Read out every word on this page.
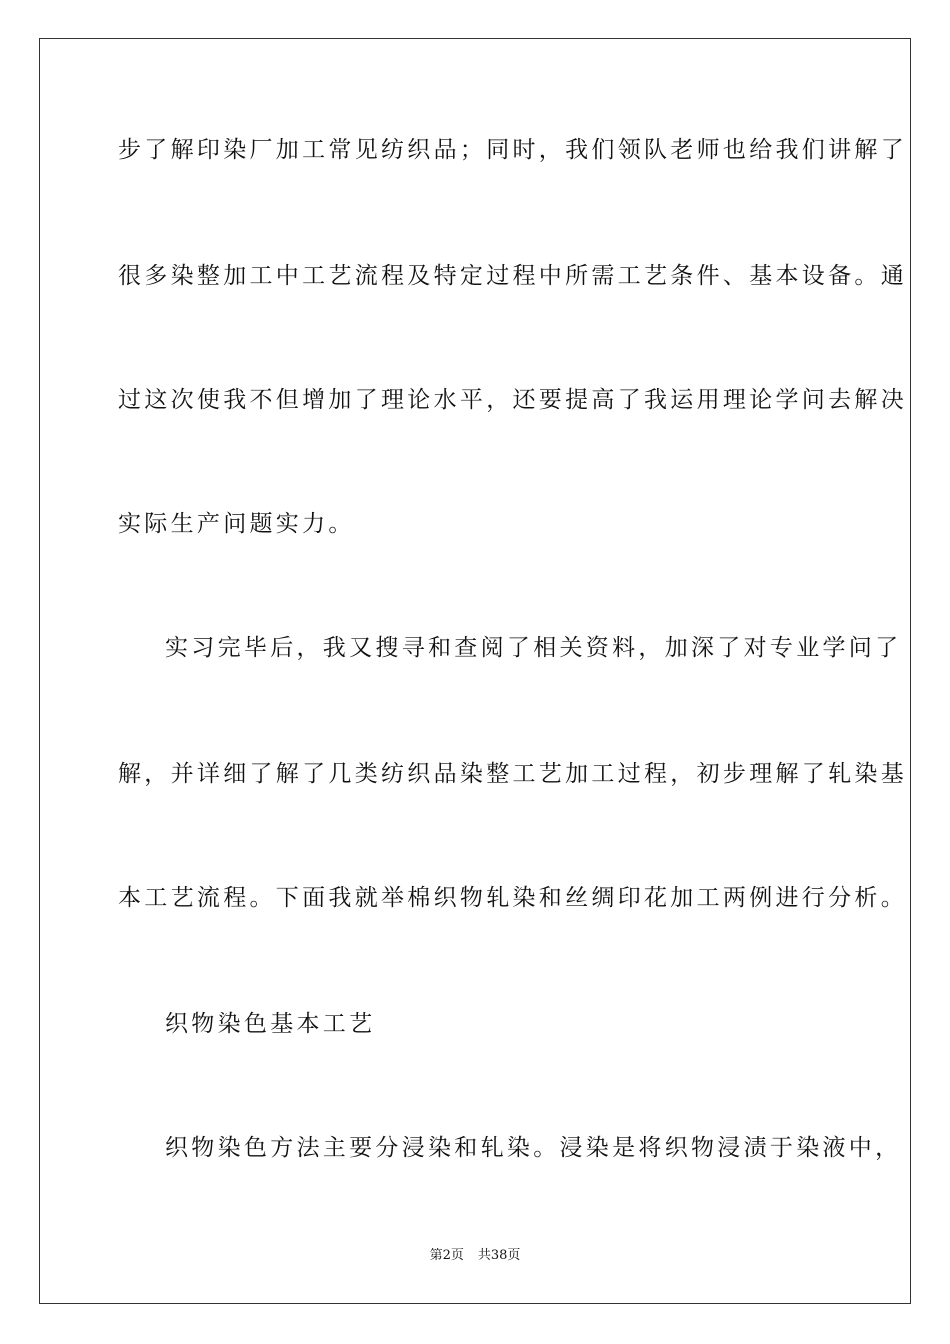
步了解印染厂加工常见纺织品；同时，我们领队老师也给我们讲解了
很多染整加工中工艺流程及特定过程中所需工艺条件、基本设备。通
过这次使我不但增加了理论水平，还要提高了我运用理论学问去解决
实际生产问题实力。
实习完毕后，我又搜寻和查阅了相关资料，加深了对专业学问了
解，并详细了解了几类纺织品染整工艺加工过程，初步理解了轧染基
本工艺流程。下面我就举棉织物轧染和丝绸印花加工两例进行分析。
织物染色基本工艺
织物染色方法主要分浸染和轧染。浸染是将织物浸渍于染液中，
第2页 共38页
